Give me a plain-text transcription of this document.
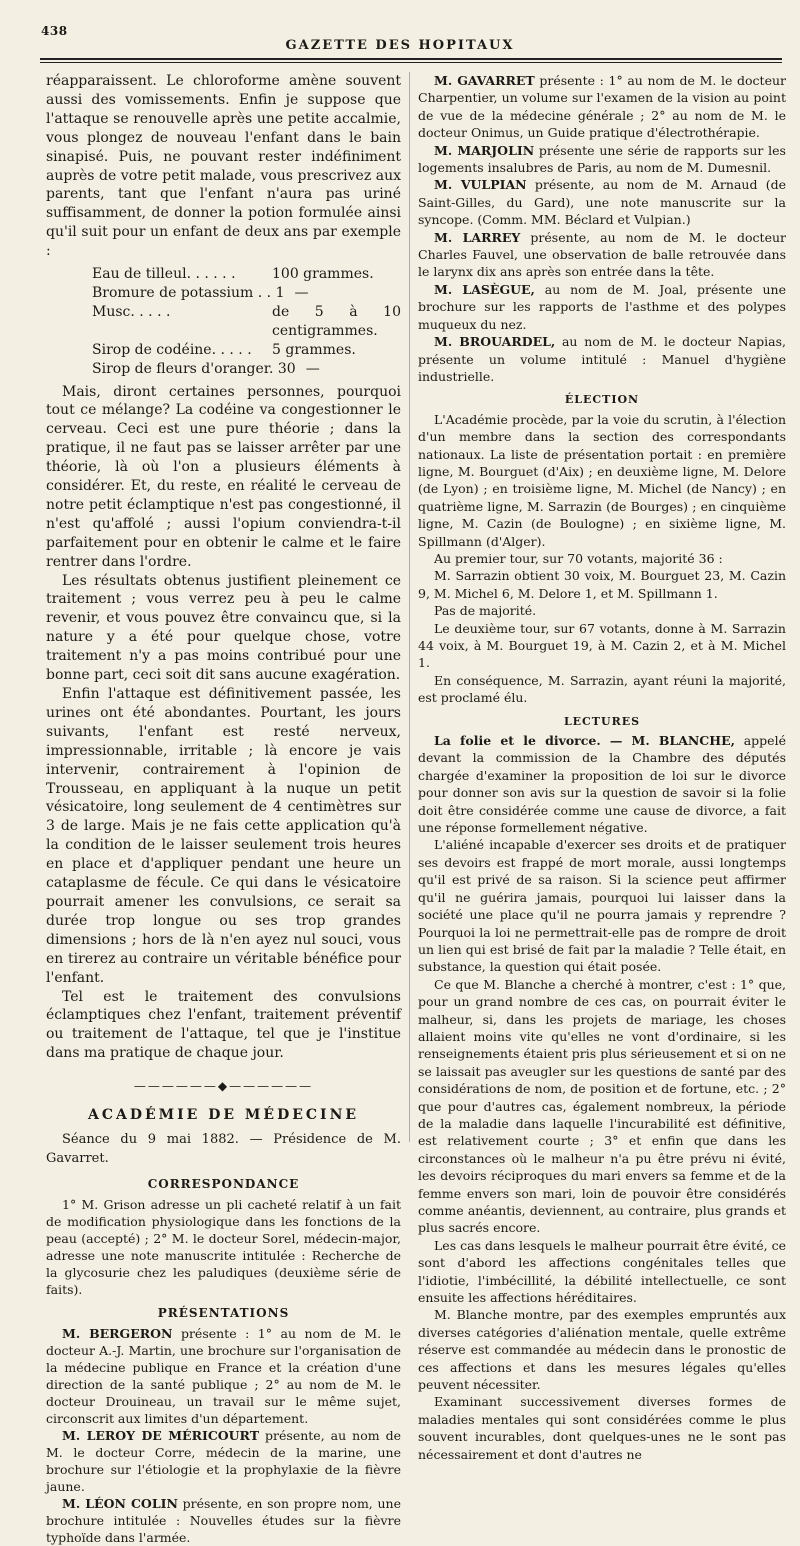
438
GAZETTE DES HOPITAUX

réapparaissent. Le chloroforme amène souvent aussi des vomissements. Enfin je suppose que l'attaque se renouvelle après une petite accalmie, vous plongez de nouveau l'enfant dans le bain sinapisé. Puis, ne pouvant rester indéfiniment auprès de votre petit malade, vous prescrivez aux parents, tant que l'enfant n'aura pas uriné suffisamment, de donner la potion formulée ainsi qu'il suit pour un enfant de deux ans par exemple :

Eau de tilleul. . . . . .	100 grammes.
Bromure de potassium . . 1 —
Musc. . . . .	de 5 à 10 centigrammes.
Sirop de codéine. . . . .	5 grammes.
Sirop de fleurs d'oranger. 30 —

Mais, diront certaines personnes, pourquoi tout ce mélange? La codéine va congestionner le cerveau. Ceci est une pure théorie ; dans la pratique, il ne faut pas se laisser arrêter par une théorie, là où l'on a plusieurs éléments à considérer. Et, du reste, en réalité le cerveau de notre petit éclamptique n'est pas congestionné, il n'est qu'affolé ; aussi l'opium conviendra-t-il parfaitement pour en obtenir le calme et le faire rentrer dans l'ordre.

Les résultats obtenus justifient pleinement ce traitement ; vous verrez peu à peu le calme revenir, et vous pouvez être convaincu que, si la nature y a été pour quelque chose, votre traitement n'y a pas moins contribué pour une bonne part, ceci soit dit sans aucune exagération.

Enfin l'attaque est définitivement passée, les urines ont été abondantes. Pourtant, les jours suivants, l'enfant est resté nerveux, impressionnable, irritable ; là encore je vais intervenir, contrairement à l'opinion de Trousseau, en appliquant à la nuque un petit vésicatoire, long seulement de 4 centimètres sur 3 de large. Mais je ne fais cette application qu'à la condition de le laisser seulement trois heures en place et d'appliquer pendant une heure un cataplasme de fécule. Ce qui dans le vésicatoire pourrait amener les convulsions, ce serait sa durée trop longue ou ses trop grandes dimensions ; hors de là n'en ayez nul souci, vous en tirerez au contraire un véritable bénéfice pour l'enfant.

Tel est le traitement des convulsions éclamptiques chez l'enfant, traitement préventif ou traitement de l'attaque, tel que je l'institue dans ma pratique de chaque jour.

——————◆——————
ACADÉMIE DE MÉDECINE

Séance du 9 mai 1882. — Présidence de M. Gavarret.

CORRESPONDANCE

1° M. Grison adresse un pli cacheté relatif à un fait de modification physiologique dans les fonctions de la peau (accepté) ; 2° M. le docteur Sorel, médecin-major, adresse une note manuscrite intitulée : Recherche de la glycosurie chez les paludiques (deuxième série de faits).

PRÉSENTATIONS

M. BERGERON présente : 1° au nom de M. le docteur A.-J. Martin, une brochure sur l'organisation de la médecine publique en France et la création d'une direction de la santé publique ; 2° au nom de M. le docteur Drouineau, un travail sur le même sujet, circonscrit aux limites d'un département.

M. LEROY DE MÉRICOURT présente, au nom de M. le docteur Corre, médecin de la marine, une brochure sur l'étiologie et la prophylaxie de la fièvre jaune.

M. LÉON COLIN présente, en son propre nom, une brochure intitulée : Nouvelles études sur la fièvre typhoïde dans l'armée.

M. GAVARRET présente : 1° au nom de M. le docteur Charpentier, un volume sur l'examen de la vision au point de vue de la médecine générale ; 2° au nom de M. le docteur Onimus, un Guide pratique d'électrothérapie.

M. MARJOLIN présente une série de rapports sur les logements insalubres de Paris, au nom de M. Dumesnil.

M. VULPIAN présente, au nom de M. Arnaud (de Saint-Gilles, du Gard), une note manuscrite sur la syncope. (Comm. MM. Béclard et Vulpian.)

M. LARREY présente, au nom de M. le docteur Charles Fauvel, une observation de balle retrouvée dans le larynx dix ans après son entrée dans la tête.

M. LASÈGUE, au nom de M. Joal, présente une brochure sur les rapports de l'asthme et des polypes muqueux du nez.

M. BROUARDEL, au nom de M. le docteur Napias, présente un volume intitulé : Manuel d'hygiène industrielle.

ÉLECTION

L'Académie procède, par la voie du scrutin, à l'élection d'un membre dans la section des correspondants nationaux. La liste de présentation portait : en première ligne, M. Bourguet (d'Aix) ; en deuxième ligne, M. Delore (de Lyon) ; en troisième ligne, M. Michel (de Nancy) ; en quatrième ligne, M. Sarrazin (de Bourges) ; en cinquième ligne, M. Cazin (de Boulogne) ; en sixième ligne, M. Spillmann (d'Alger).

Au premier tour, sur 70 votants, majorité 36 :

M. Sarrazin obtient 30 voix, M. Bourguet 23, M. Cazin 9, M. Michel 6, M. Delore 1, et M. Spillmann 1.

Pas de majorité.

Le deuxième tour, sur 67 votants, donne à M. Sarrazin 44 voix, à M. Bourguet 19, à M. Cazin 2, et à M. Michel 1.

En conséquence, M. Sarrazin, ayant réuni la majorité, est proclamé élu.

LECTURES

La folie et le divorce. — M. BLANCHE, appelé devant la commission de la Chambre des députés chargée d'examiner la proposition de loi sur le divorce pour donner son avis sur la question de savoir si la folie doit être considérée comme une cause de divorce, a fait une réponse formellement négative.

L'aliéné incapable d'exercer ses droits et de pratiquer ses devoirs est frappé de mort morale, aussi longtemps qu'il est privé de sa raison. Si la science peut affirmer qu'il ne guérira jamais, pourquoi lui laisser dans la société une place qu'il ne pourra jamais y reprendre ? Pourquoi la loi ne permettrait-elle pas de rompre de droit un lien qui est brisé de fait par la maladie ? Telle était, en substance, la question qui était posée.

Ce que M. Blanche a cherché à montrer, c'est : 1° que, pour un grand nombre de ces cas, on pourrait éviter le malheur, si, dans les projets de mariage, les choses allaient moins vite qu'elles ne vont d'ordinaire, si les renseignements étaient pris plus sérieusement et si on ne se laissait pas aveugler sur les questions de santé par des considérations de nom, de position et de fortune, etc. ; 2° que pour d'autres cas, également nombreux, la période de la maladie dans laquelle l'incurabilité est définitive, est relativement courte ; 3° et enfin que dans les circonstances où le malheur n'a pu être prévu ni évité, les devoirs réciproques du mari envers sa femme et de la femme envers son mari, loin de pouvoir être considérés comme anéantis, deviennent, au contraire, plus grands et plus sacrés encore.

Les cas dans lesquels le malheur pourrait être évité, ce sont d'abord les affections congénitales telles que l'idiotie, l'imbécillité, la débilité intellectuelle, ce sont ensuite les affections héréditaires.

M. Blanche montre, par des exemples empruntés aux diverses catégories d'aliénation mentale, quelle extrême réserve est commandée au médecin dans le pronostic de ces affections et dans les mesures légales qu'elles peuvent nécessiter.

Examinant successivement diverses formes de maladies mentales qui sont considérées comme le plus souvent incurables, dont quelques-unes ne le sont pas nécessairement et dont d'autres ne
